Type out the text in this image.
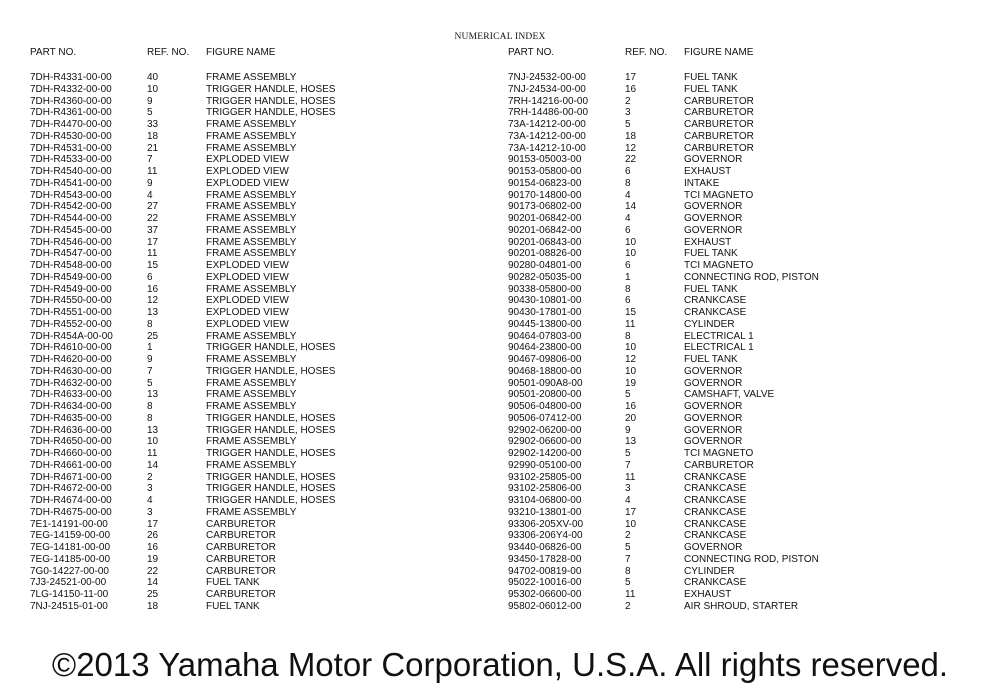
NUMERICAL INDEX
PART NO.	REF. NO.	FIGURE NAME
7DH-R4331-00-00	40	FRAME ASSEMBLY
7DH-R4332-00-00	10	TRIGGER HANDLE, HOSES
7DH-R4360-00-00	9	TRIGGER HANDLE, HOSES
7DH-R4361-00-00	5	TRIGGER HANDLE, HOSES
7DH-R4470-00-00	33	FRAME ASSEMBLY
7DH-R4530-00-00	18	FRAME ASSEMBLY
7DH-R4531-00-00	21	FRAME ASSEMBLY
7DH-R4533-00-00	7	EXPLODED VIEW
7DH-R4540-00-00	11	EXPLODED VIEW
7DH-R4541-00-00	9	EXPLODED VIEW
7DH-R4543-00-00	4	FRAME ASSEMBLY
7DH-R4542-00-00	27	FRAME ASSEMBLY
7DH-R4544-00-00	22	FRAME ASSEMBLY
7DH-R4545-00-00	37	FRAME ASSEMBLY
7DH-R4546-00-00	17	FRAME ASSEMBLY
7DH-R4547-00-00	11	FRAME ASSEMBLY
7DH-R4548-00-00	15	EXPLODED VIEW
7DH-R4549-00-00	6	EXPLODED VIEW
7DH-R4549-00-00	16	FRAME ASSEMBLY
7DH-R4550-00-00	12	EXPLODED VIEW
7DH-R4551-00-00	13	EXPLODED VIEW
7DH-R4552-00-00	8	EXPLODED VIEW
7DH-R454A-00-00	25	FRAME ASSEMBLY
7DH-R4610-00-00	1	TRIGGER HANDLE, HOSES
7DH-R4620-00-00	9	FRAME ASSEMBLY
7DH-R4630-00-00	7	TRIGGER HANDLE, HOSES
7DH-R4632-00-00	5	FRAME ASSEMBLY
7DH-R4633-00-00	13	FRAME ASSEMBLY
7DH-R4634-00-00	8	FRAME ASSEMBLY
7DH-R4635-00-00	8	TRIGGER HANDLE, HOSES
7DH-R4636-00-00	13	TRIGGER HANDLE, HOSES
7DH-R4650-00-00	10	FRAME ASSEMBLY
7DH-R4660-00-00	11	TRIGGER HANDLE, HOSES
7DH-R4661-00-00	14	FRAME ASSEMBLY
7DH-R4671-00-00	2	TRIGGER HANDLE, HOSES
7DH-R4672-00-00	3	TRIGGER HANDLE, HOSES
7DH-R4674-00-00	4	TRIGGER HANDLE, HOSES
7DH-R4675-00-00	3	FRAME ASSEMBLY
7E1-14191-00-00	17	CARBURETOR
7EG-14159-00-00	26	CARBURETOR
7EG-14181-00-00	16	CARBURETOR
7EG-14185-00-00	19	CARBURETOR
7G0-14227-00-00	22	CARBURETOR
7J3-24521-00-00	14	FUEL TANK
7LG-14150-11-00	25	CARBURETOR
7NJ-24515-01-00	18	FUEL TANK
PART NO.	REF. NO.	FIGURE NAME
7NJ-24532-00-00	17	FUEL TANK
7NJ-24534-00-00	16	FUEL TANK
7RH-14216-00-00	2	CARBURETOR
7RH-14486-00-00	3	CARBURETOR
73A-14212-00-00	5	CARBURETOR
73A-14212-00-00	18	CARBURETOR
73A-14212-10-00	12	CARBURETOR
90153-05003-00	22	GOVERNOR
90153-05800-00	6	EXHAUST
90154-06823-00	8	INTAKE
90170-14800-00	4	TCI MAGNETO
90173-06802-00	14	GOVERNOR
90201-06842-00	4	GOVERNOR
90201-06842-00	6	GOVERNOR
90201-06843-00	10	EXHAUST
90201-08826-00	10	FUEL TANK
90280-04801-00	6	TCI MAGNETO
90282-05035-00	1	CONNECTING ROD, PISTON
90338-05800-00	8	FUEL TANK
90430-10801-00	6	CRANKCASE
90430-17801-00	15	CRANKCASE
90445-13800-00	11	CYLINDER
90464-07803-00	8	ELECTRICAL 1
90464-23800-00	10	ELECTRICAL 1
90467-09806-00	12	FUEL TANK
90468-18800-00	10	GOVERNOR
90501-090A8-00	19	GOVERNOR
90501-20800-00	5	CAMSHAFT, VALVE
90506-04800-00	16	GOVERNOR
90506-07412-00	20	GOVERNOR
92902-06200-00	9	GOVERNOR
92902-06600-00	13	GOVERNOR
92902-14200-00	5	TCI MAGNETO
92990-05100-00	7	CARBURETOR
93102-25805-00	11	CRANKCASE
93102-25806-00	3	CRANKCASE
93104-06800-00	4	CRANKCASE
93210-13801-00	17	CRANKCASE
93306-205XV-00	10	CRANKCASE
93306-206Y4-00	2	CRANKCASE
93440-06826-00	5	GOVERNOR
93450-17828-00	7	CONNECTING ROD, PISTON
94702-00819-00	8	CYLINDER
95022-10016-00	5	CRANKCASE
95302-06600-00	11	EXHAUST
95802-06012-00	2	AIR SHROUD, STARTER
©2013 Yamaha Motor Corporation, U.S.A. All rights reserved.
